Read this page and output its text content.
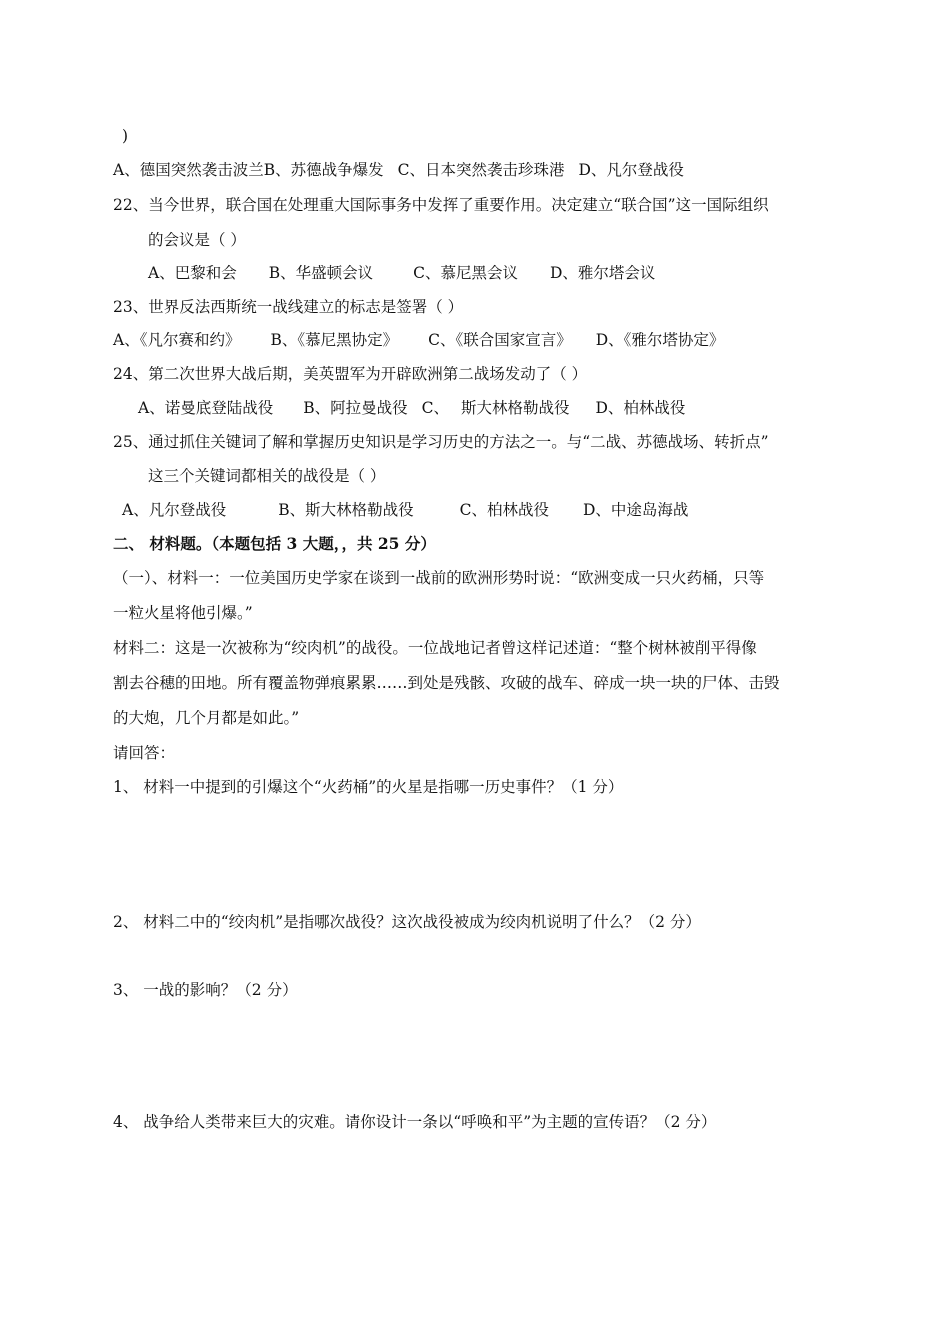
)
A、德国突然袭击波兰B、苏德战争爆发 C、日本突然袭击珍珠港 D、凡尔登战役
22、当今世界，联合国在处理重大国际事务中发挥了重要作用。决定建立“联合国”这一国际组织
的会议是（ ）
A、巴黎和会 B、华盛顿会议	C、慕尼黑会议 D、雅尔塔会议
23、世界反法西斯统一战线建立的标志是签署（ ）
A、《凡尔赛和约》 B、《慕尼黑协定》 C、《联合国家宣言》 D、《雅尔塔协定》
24、第二次世界大战后期，美英盟军为开辟欧洲第二战场发动了（ ）
A、诺曼底登陆战役 B、阿拉曼战役 C、 斯大林格勒战役 D、柏林战役
25、通过抓住关键词了解和掌握历史知识是学习历史的方法之一。与“二战、苏德战场、转折点”
这三个关键词都相关的战役是（ ）
A、凡尔登战役	B、斯大林格勒战役	C、柏林战役 D、中途岛海战
二、 材料题。（本题包括 3 大题，，共 25 分）
（一）、材料一：一位美国历史学家在谈到一战前的欧洲形势时说：“欧洲变成一只火药桶，只等
一粒火星将他引爆。”
材料二：这是一次被称为“绞肉机”的战役。一位战地记者曾这样记述道：“整个树林被削平得像
割去谷穗的田地。所有覆盖物弹痕累累……到处是残骸、攻破的战车、碎成一块一块的尸体、击毁
的大炮，几个月都是如此。”
请回答：
1、 材料一中提到的引爆这个“火药桶”的火星是指哪一历史事件？（1 分）
2、 材料二中的“绞肉机”是指哪次战役？这次战役被成为绞肉机说明了什么？（2 分）
3、 一战的影响？（2 分）
4、 战争给人类带来巨大的灾难。请你设计一条以“呼唤和平”为主题的宣传语？（2 分）
